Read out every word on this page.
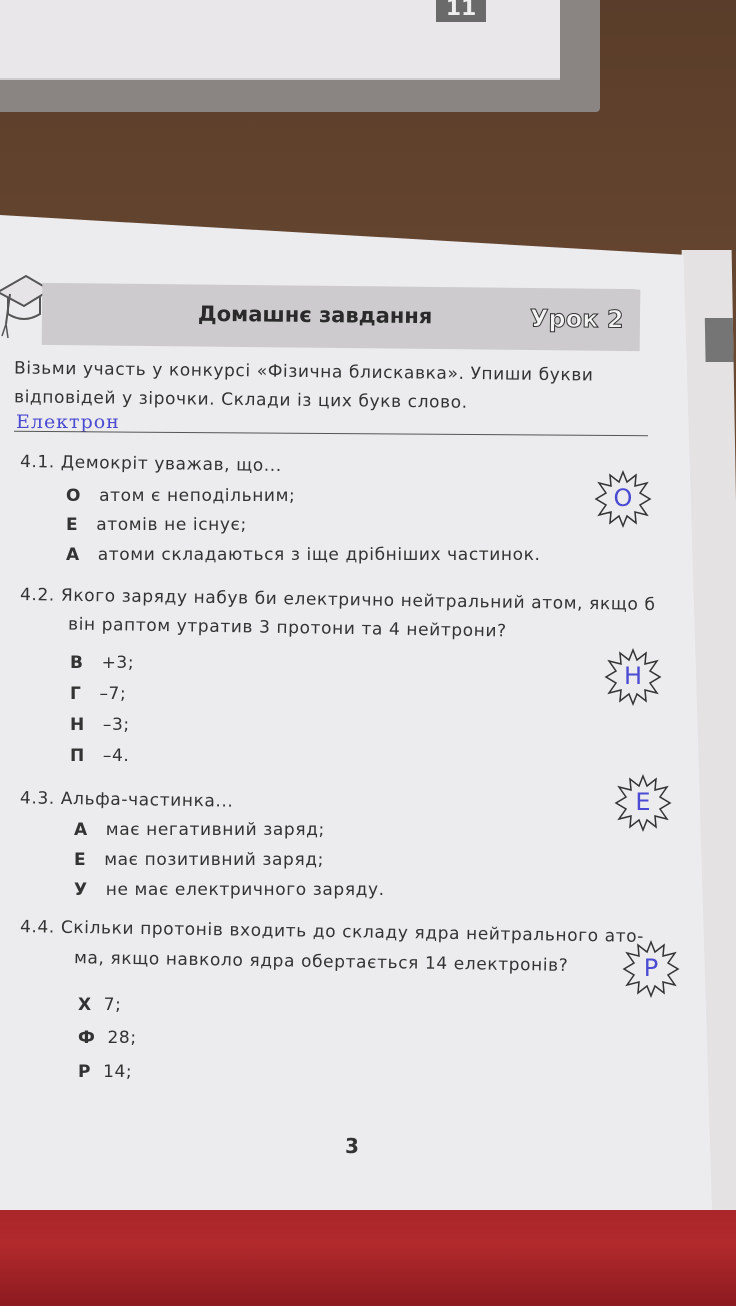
11
Домашнє завдання	Урок 2
Візьми участь у конкурсі «Фізична блискавка». Упиши букви
відповідей у зірочки. Склади із цих букв слово.
Електрон
4.1. Демокріт уважав, що...
О атом є неподільним;
Е атомів не існує;
А атоми складаються з іще дрібніших частинок.
О
4.2. Якого заряду набув би електрично нейтральний атом, якщо б
він раптом утратив 3 протони та 4 нейтрони?
В +3;
Г –7;
Н –3;
П –4.
Н
4.3. Альфа-частинка...
А має негативний заряд;
Е має позитивний заряд;
У не має електричного заряду.
Е
4.4. Скільки протонів входить до складу ядра нейтрального ато-
ма, якщо навколо ядра обертається 14 електронів?
Х 7;
Ф 28;
Р 14;
Р
3
